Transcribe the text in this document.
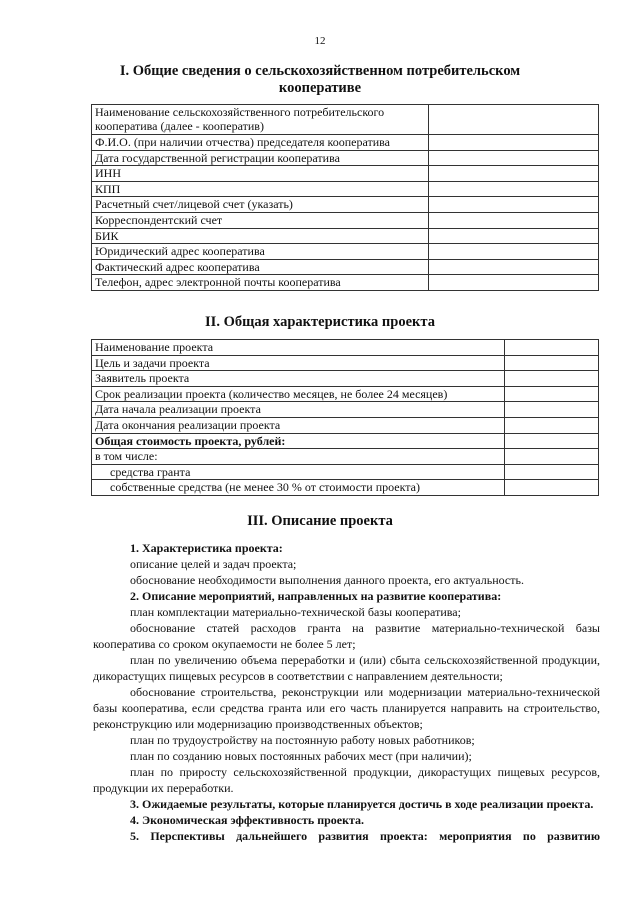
12
I. Общие сведения о сельскохозяйственном потребительском
кооперативе
Наименование сельскохозяйственного потребительского кооператива (далее - кооператив)	
Ф.И.О. (при наличии отчества) председателя кооператива	
Дата государственной регистрации кооператива	
ИНН	
КПП	
Расчетный счет/лицевой счет (указать)	
Корреспондентский счет	
БИК	
Юридический адрес кооператива	
Фактический адрес кооператива	
Телефон, адрес электронной почты кооператива	
II. Общая характеристика проекта
Наименование проекта	
Цель и задачи проекта	
Заявитель проекта	
Срок реализации проекта (количество месяцев, не более 24 месяцев)	
Дата начала реализации проекта	
Дата окончания реализации проекта	
Общая стоимость проекта, рублей:	
в том числе:	
средства гранта	
собственные средства (не менее 30 % от стоимости проекта)	
III. Описание проекта

1. Характеристика проекта:

описание целей и задач проекта;

обоснование необходимости выполнения данного проекта, его актуальность.

2. Описание мероприятий, направленных на развитие кооператива:

план комплектации материально-технической базы кооператива;

обоснование статей расходов гранта на развитие материально-технической базы кооператива со сроком окупаемости не более 5 лет;

план по увеличению объема переработки и (или) сбыта сельскохозяйственной продукции, дикорастущих пищевых ресурсов в соответствии с направлением деятельности;

обоснование строительства, реконструкции или модернизации материально-технической базы кооператива, если средства гранта или его часть планируется направить на строительство, реконструкцию или модернизацию производственных объектов;

план по трудоустройству на постоянную работу новых работников;

план по созданию новых постоянных рабочих мест (при наличии);

план по приросту сельскохозяйственной продукции, дикорастущих пищевых ресурсов, продукции их переработки.

3. Ожидаемые результаты, которые планируется достичь в ходе реализации проекта.

4. Экономическая эффективность проекта.

5. Перспективы дальнейшего развития проекта: мероприятия по развитию
